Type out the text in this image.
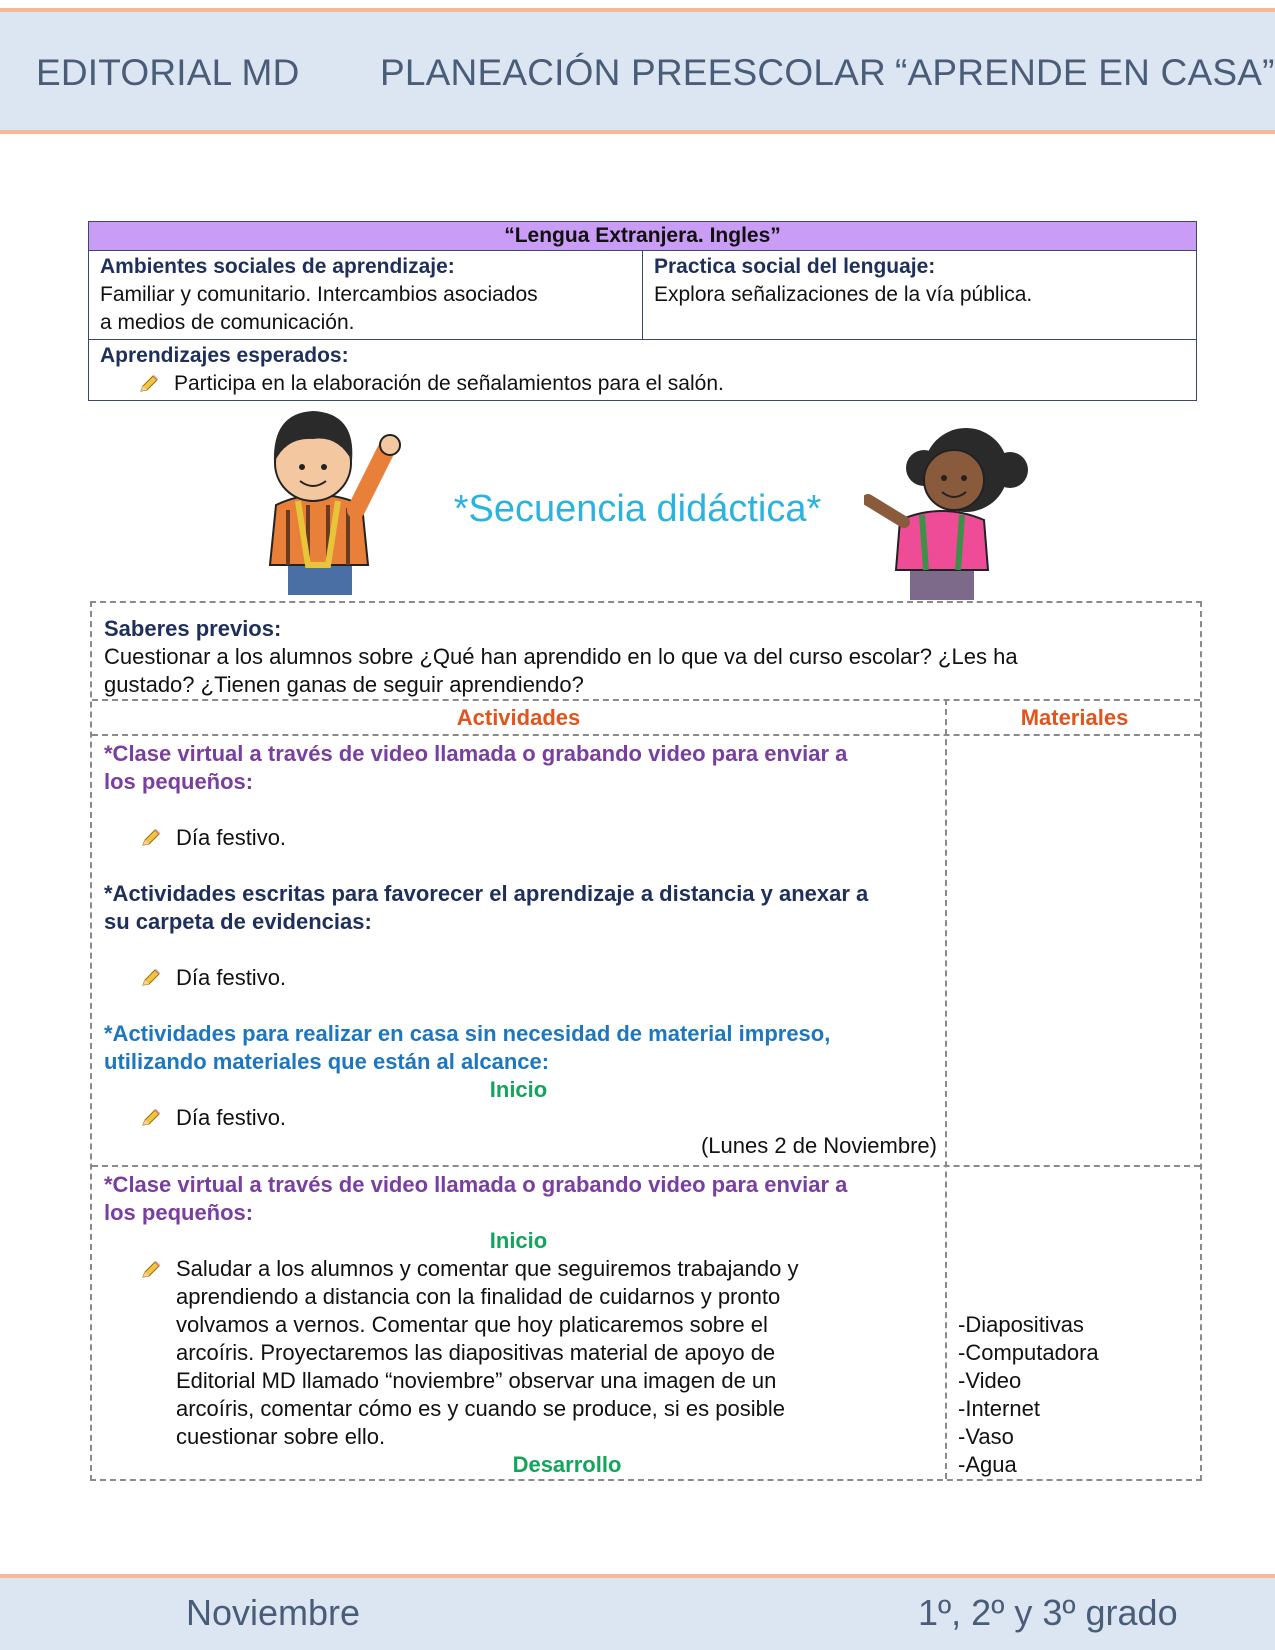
EDITORIAL MD PLANEACIÓN PREESCOLAR “APRENDE EN CASA”
“Lengua Extranjera. Ingles”
Ambientes sociales de aprendizaje:
Familiar y comunitario. Intercambios asociados
a medios de comunicación.
Practica social del lenguaje:
Explora señalizaciones de la vía pública.
Aprendizajes esperados:
Participa en la elaboración de señalamientos para el salón.
*Secuencia didáctica*
Saberes previos:
Cuestionar a los alumnos sobre ¿Qué han aprendido en lo que va del curso escolar? ¿Les ha
gustado? ¿Tienen ganas de seguir aprendiendo?
Actividades	Materiales
*Clase virtual a través de video llamada o grabando video para enviar a
los pequeños:
Día festivo.
*Actividades escritas para favorecer el aprendizaje a distancia y anexar a
su carpeta de evidencias:
Día festivo.
*Actividades para realizar en casa sin necesidad de material impreso,
utilizando materiales que están al alcance:
Inicio
Día festivo.
(Lunes 2 de Noviembre)
*Clase virtual a través de video llamada o grabando video para enviar a
los pequeños:
Inicio
Saludar a los alumnos y comentar que seguiremos trabajando y
aprendiendo a distancia con la finalidad de cuidarnos y pronto
volvamos a vernos. Comentar que hoy platicaremos sobre el
arcoíris. Proyectaremos las diapositivas material de apoyo de
Editorial MD llamado “noviembre” observar una imagen de un
arcoíris, comentar cómo es y cuando se produce, si es posible
cuestionar sobre ello.
Desarrollo
-Diapositivas
-Computadora
-Video
-Internet
-Vaso
-Agua
Noviembre	1º, 2º y 3º grado
